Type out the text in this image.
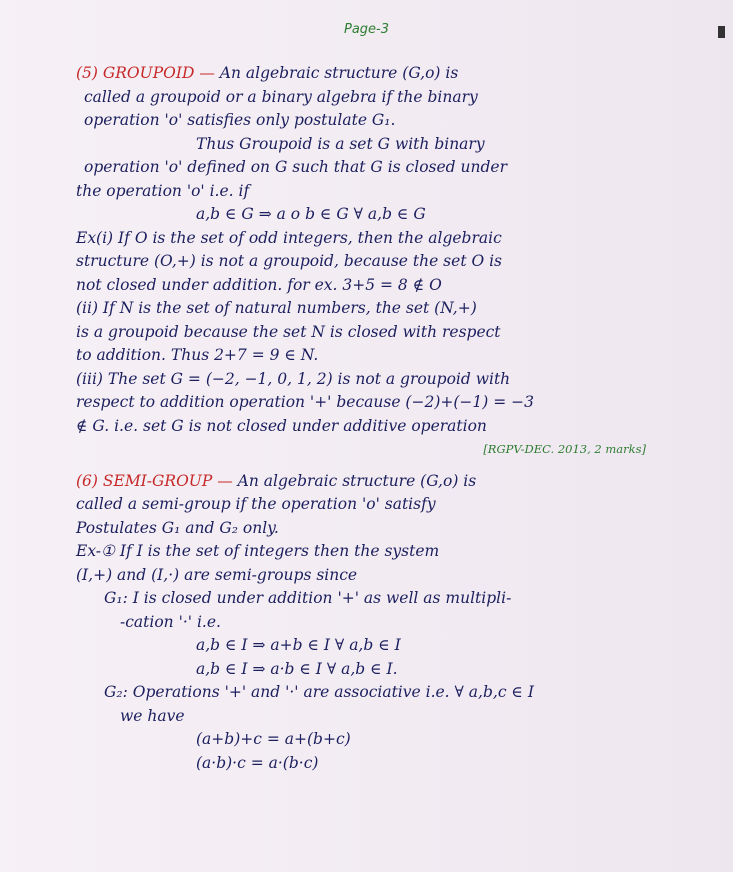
Page-3
(5) GROUPOID — An algebraic structure (G,o) is
called a groupoid or a binary algebra if the binary
operation 'o' satisfies only postulate G₁.
Thus Groupoid is a set G with binary
operation 'o' defined on G such that G is closed under
the operation 'o' i.e. if
a,b ∈ G ⇒ a o b ∈ G ∀ a,b ∈ G
Ex(i) If O is the set of odd integers, then the algebraic
structure (O,+) is not a groupoid, because the set O is
not closed under addition. for ex. 3+5 = 8 ∉ O
(ii) If N is the set of natural numbers, the set (N,+)
is a groupoid because the set N is closed with respect
to addition. Thus 2+7 = 9 ∈ N.
(iii) The set G = (−2, −1, 0, 1, 2) is not a groupoid with
respect to addition operation '+' because (−2)+(−1) = −3
∉ G. i.e. set G is not closed under additive operation
[RGPV-DEC. 2013, 2 marks]
(6) SEMI-GROUP — An algebraic structure (G,o) is
called a semi-group if the operation 'o' satisfy
Postulates G₁ and G₂ only.
Ex-① If I is the set of integers then the system
(I,+) and (I,·) are semi-groups since
G₁: I is closed under addition '+' as well as multipli-
-cation '·' i.e.
a,b ∈ I ⇒ a+b ∈ I ∀ a,b ∈ I
a,b ∈ I ⇒ a·b ∈ I ∀ a,b ∈ I.
G₂: Operations '+' and '·' are associative i.e. ∀ a,b,c ∈ I
we have
(a+b)+c = a+(b+c)
(a·b)·c = a·(b·c)
